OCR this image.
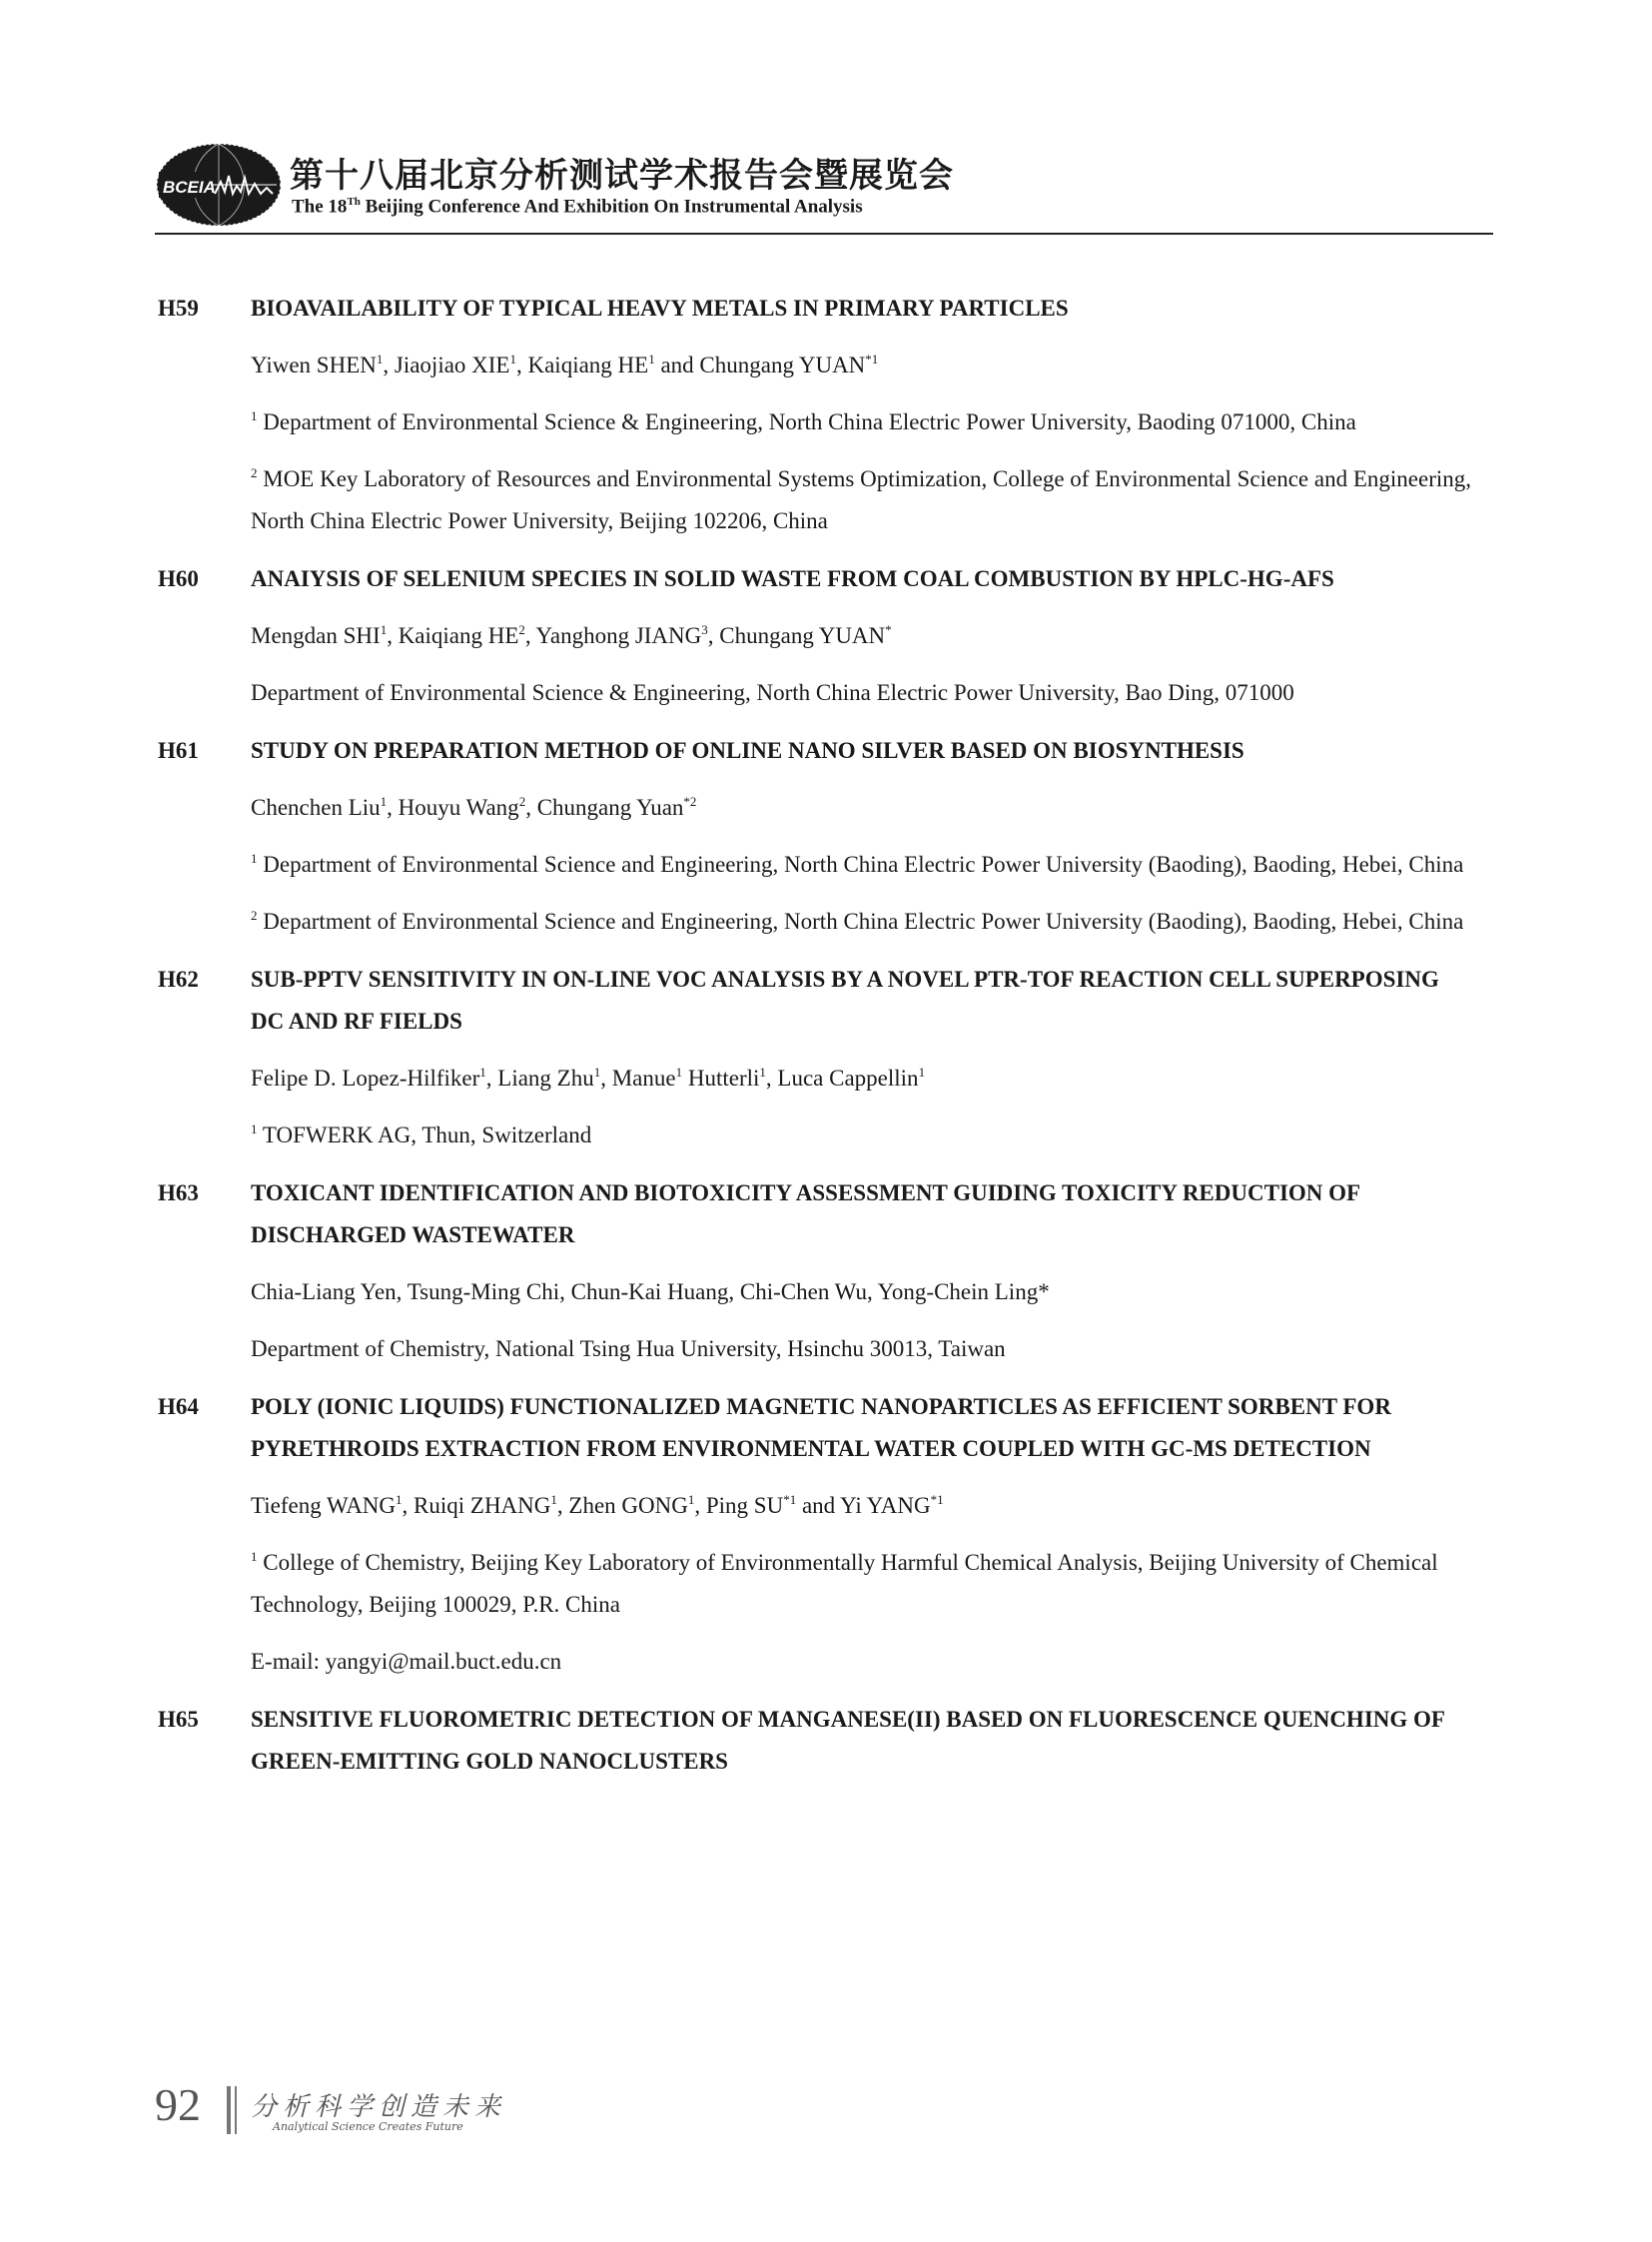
BCEIA 第十八届北京分析测试学术报告会暨展览会
The 18Th Beijing Conference And Exhibition On Instrumental Analysis
H59	BIOAVAILABILITY OF TYPICAL HEAVY METALS IN PRIMARY PARTICLES
Yiwen SHEN$^1$, Jiaojiao XIE$^1$, Kaiqiang $HE^1$ and Chungang YUAN$^{*1}$
$^1$ Department of Environmental Science & Engineering, North China Electric Power University, Baoding 071000, China
$^2$ MOE Key Laboratory of Resources and Environmental Systems Optimization, College of Environmental Science and Engineering, North China Electric Power University, Beijing 102206, China
H60	ANAIYSIS OF SELENIUM SPECIES IN SOLID WASTE FROM COAL COMBUSTION BY HPLC-HG-AFS
Mengdan SHI$^1$, Kaiqiang $HE^2$, Yanghong JIANG$^3$, Chungang YUAN*
Department of Environmental Science & Engineering, North China Electric Power University, Bao Ding, 071000
H61	STUDY ON PREPARATION METHOD OF ONLINE NANO SILVER BASED ON BIOSYNTHESIS
Chenchen Liu$^1$, Houyu Wang$^2$, Chungang Yuan$^{*2}$
$^1$ Department of Environmental Science and Engineering, North China Electric Power University (Baoding), Baoding, Hebei, China
$^2$ Department of Environmental Science and Engineering, North China Electric Power University (Baoding), Baoding, Hebei, China
H62	SUB-PPTV SENSITIVITY IN ON-LINE VOC ANALYSIS BY A NOVEL PTR-TOF REACTION CELL SUPERPOSING DC AND RF FIELDS
Felipe D. Lopez-Hilfiker$^1$, Liang Zhu$^1$, Manue$^1$ Hutterli$^1$, Luca Cappellin$^1$
$^1$ TOFWERK AG, Thun, Switzerland
H63	TOXICANT IDENTIFICATION AND BIOTOXICITY ASSESSMENT GUIDING TOXICITY REDUCTION OF DISCHARGED WASTEWATER
Chia-Liang Yen, Tsung-Ming Chi, Chun-Kai Huang, Chi-Chen Wu, Yong-Chein Ling*
Department of Chemistry, National Tsing Hua University, Hsinchu 30013, Taiwan
H64	POLY (IONIC LIQUIDS) FUNCTIONALIZED MAGNETIC NANOPARTICLES AS EFFICIENT SORBENT FOR PYRETHROIDS EXTRACTION FROM ENVIRONMENTAL WATER COUPLED WITH GC-MS DETECTION
Tiefeng WANG$^1$, Ruiqi ZHANG$^1$, Zhen GONG$^1$, Ping SU$^{*1}$ and Yi YANG$^{*1}$
$^1$ College of Chemistry, Beijing Key Laboratory of Environmentally Harmful Chemical Analysis, Beijing University of Chemical Technology, Beijing 100029, P.R. China
E-mail: yangyi@mail.buct.edu.cn
H65	SENSITIVE FLUOROMETRIC DETECTION OF MANGANESE(II) BASED ON FLUORESCENCE QUENCHING OF GREEN-EMITTING GOLD NANOCLUSTERS
92 分析科学创造未来
Analytical Science Creates Future
